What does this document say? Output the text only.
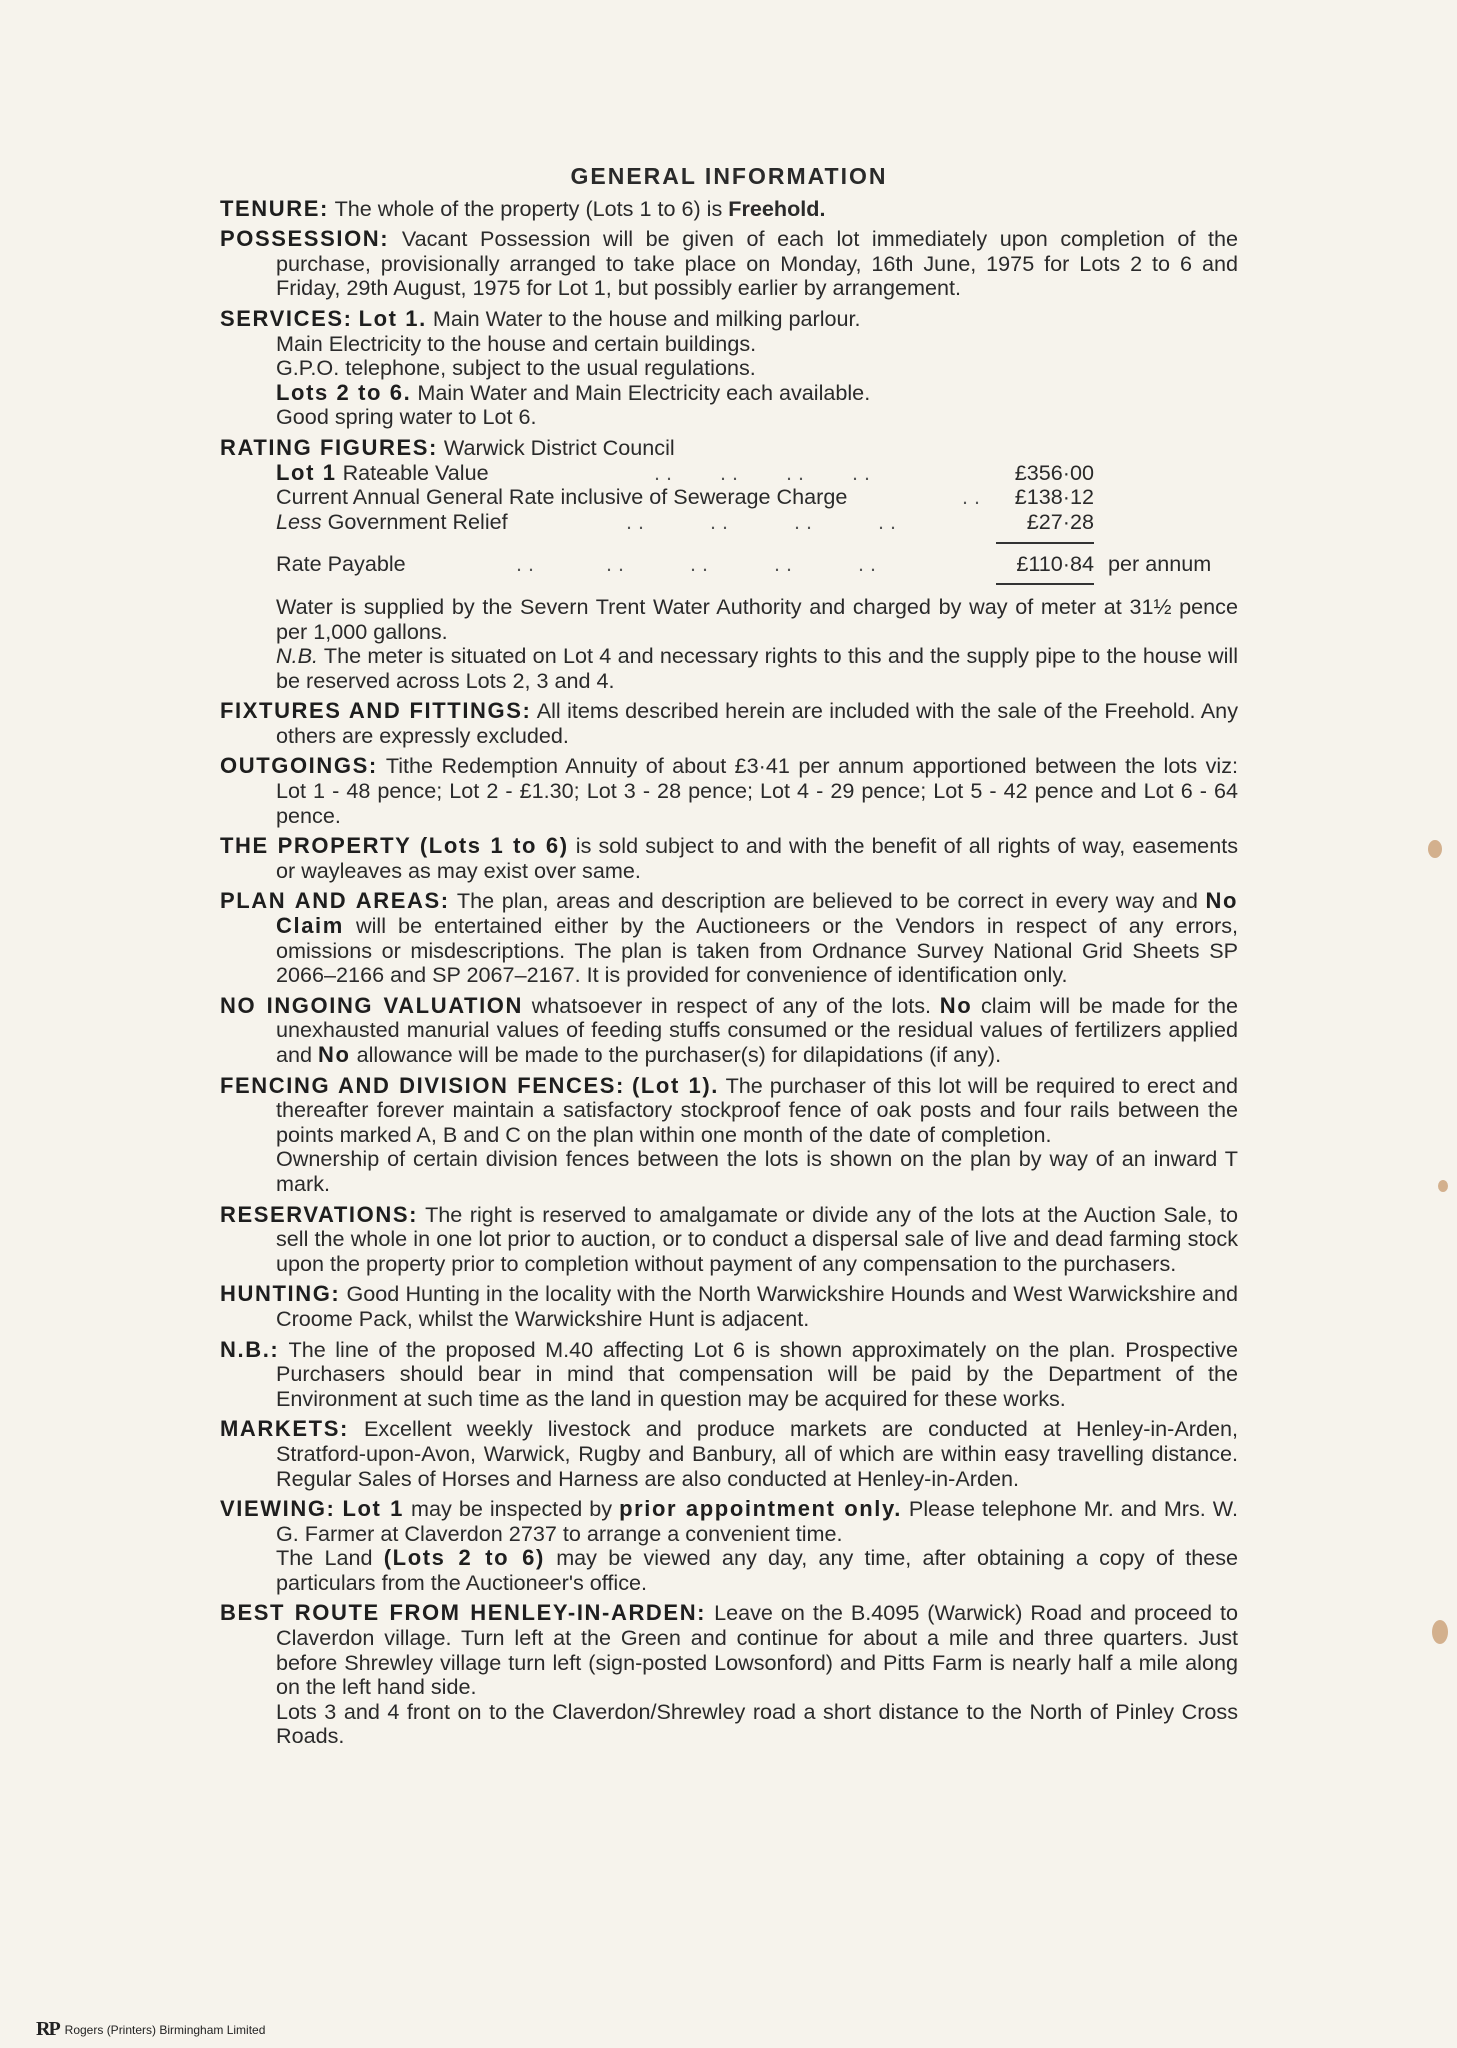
GENERAL INFORMATION
TENURE: The whole of the property (Lots 1 to 6) is Freehold.
POSSESSION: Vacant Possession will be given of each lot immediately upon completion of the purchase, provisionally arranged to take place on Monday, 16th June, 1975 for Lots 2 to 6 and Friday, 29th August, 1975 for Lot 1, but possibly earlier by arrangement.
SERVICES: Lot 1. Main Water to the house and milking parlour.
Main Electricity to the house and certain buildings.
G.P.O. telephone, subject to the usual regulations.
Lots 2 to 6. Main Water and Main Electricity each available.
Good spring water to Lot 6.
RATING FIGURES: Warwick District Council
Lot 1 Rateable Value	. .        . .        . .        . .	£356·00
Current Annual General Rate inclusive of Sewerage Charge	. .	£138·12
Less Government Relief	. .           . .           . .           . .	£27·28
Rate Payable	. .            . .           . .           . .           . .	£110·84 per annum
Water is supplied by the Severn Trent Water Authority and charged by way of meter at 31½ pence per 1,000 gallons.
N.B. The meter is situated on Lot 4 and necessary rights to this and the supply pipe to the house will be reserved across Lots 2, 3 and 4.
FIXTURES AND FITTINGS: All items described herein are included with the sale of the Freehold. Any others are expressly excluded.
OUTGOINGS: Tithe Redemption Annuity of about £3·41 per annum apportioned between the lots viz: Lot 1 - 48 pence; Lot 2 - £1.30; Lot 3 - 28 pence; Lot 4 - 29 pence; Lot 5 - 42 pence and Lot 6 - 64 pence.
THE PROPERTY (Lots 1 to 6) is sold subject to and with the benefit of all rights of way, easements or wayleaves as may exist over same.
PLAN AND AREAS: The plan, areas and description are believed to be correct in every way and No Claim will be entertained either by the Auctioneers or the Vendors in respect of any errors, omissions or misdescriptions. The plan is taken from Ordnance Survey National Grid Sheets SP 2066–2166 and SP 2067–2167. It is provided for convenience of identification only.
NO INGOING VALUATION whatsoever in respect of any of the lots. No claim will be made for the unexhausted manurial values of feeding stuffs consumed or the residual values of fertilizers applied and No allowance will be made to the purchaser(s) for dilapidations (if any).
FENCING AND DIVISION FENCES: (Lot 1). The purchaser of this lot will be required to erect and thereafter forever maintain a satisfactory stockproof fence of oak posts and four rails between the points marked A, B and C on the plan within one month of the date of completion.
Ownership of certain division fences between the lots is shown on the plan by way of an inward T mark.
RESERVATIONS: The right is reserved to amalgamate or divide any of the lots at the Auction Sale, to sell the whole in one lot prior to auction, or to conduct a dispersal sale of live and dead farming stock upon the property prior to completion without payment of any compensation to the purchasers.
HUNTING: Good Hunting in the locality with the North Warwickshire Hounds and West Warwickshire and Croome Pack, whilst the Warwickshire Hunt is adjacent.
N.B.: The line of the proposed M.40 affecting Lot 6 is shown approximately on the plan. Prospective Purchasers should bear in mind that compensation will be paid by the Department of the Environment at such time as the land in question may be acquired for these works.
MARKETS: Excellent weekly livestock and produce markets are conducted at Henley-in-Arden, Stratford-upon-Avon, Warwick, Rugby and Banbury, all of which are within easy travelling distance. Regular Sales of Horses and Harness are also conducted at Henley-in-Arden.
VIEWING: Lot 1 may be inspected by prior appointment only. Please telephone Mr. and Mrs. W. G. Farmer at Claverdon 2737 to arrange a convenient time.
The Land (Lots 2 to 6) may be viewed any day, any time, after obtaining a copy of these particulars from the Auctioneer's office.
BEST ROUTE FROM HENLEY-IN-ARDEN: Leave on the B.4095 (Warwick) Road and proceed to Claverdon village. Turn left at the Green and continue for about a mile and three quarters. Just before Shrewley village turn left (sign-posted Lowsonford) and Pitts Farm is nearly half a mile along on the left hand side.
Lots 3 and 4 front on to the Claverdon/Shrewley road a short distance to the North of Pinley Cross Roads.
RP Rogers (Printers) Birmingham Limited
